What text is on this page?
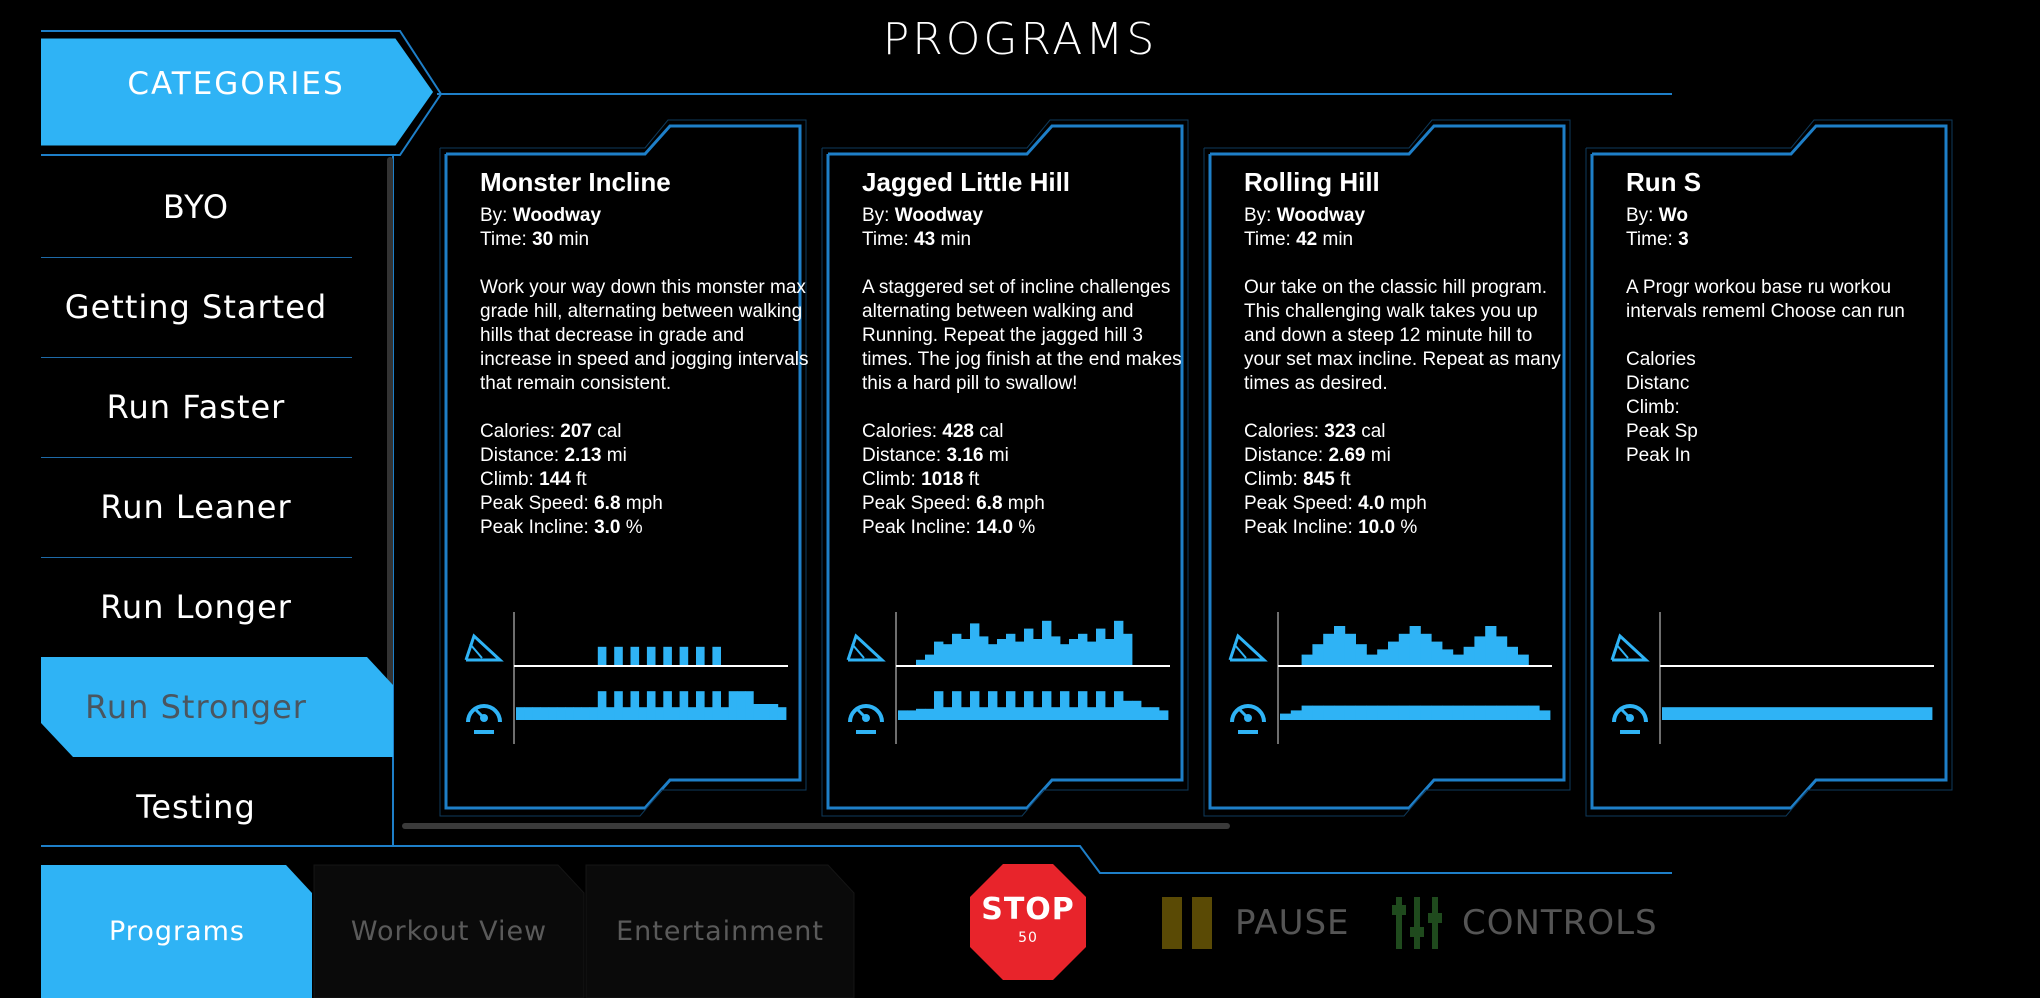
PROGRAMS
CATEGORIES
BYO
Getting Started
Run Faster
Run Leaner
Run Longer
Run Stronger
Testing
Monster Incline
By: Woodway
Time: 30 min
Work your way down this monster max grade hill, alternating between walking hills that decrease in grade and increase in speed and jogging intervals that remain consistent.
Calories: 207 cal
Distance: 2.13 mi
Climb: 144 ft
Peak Speed: 6.8 mph
Peak Incline: 3.0 %
Jagged Little Hill
By: Woodway
Time: 43 min
A staggered set of incline challenges alternating between walking and Running. Repeat the jagged hill 3 times. The jog finish at the end makes this a hard pill to swallow!
Calories: 428 cal
Distance: 3.16 mi
Climb: 1018 ft
Peak Speed: 6.8 mph
Peak Incline: 14.0 %
Rolling Hill
By: Woodway
Time: 42 min
Our take on the classic hill program. This challenging walk takes you up and down a steep 12 minute hill to your set max incline. Repeat as many times as desired.
Calories: 323 cal
Distance: 2.69 mi
Climb: 845 ft
Peak Speed: 4.0 mph
Peak Incline: 10.0 %
Run S
By: Wo
Time: 3
A Progr workou base ru workou intervals rememl Choose can run
Calories
Distanc
Climb:
Peak Sp
Peak In
Programs	Workout View	Entertainment
STOP
50	PAUSE	CONTROLS
